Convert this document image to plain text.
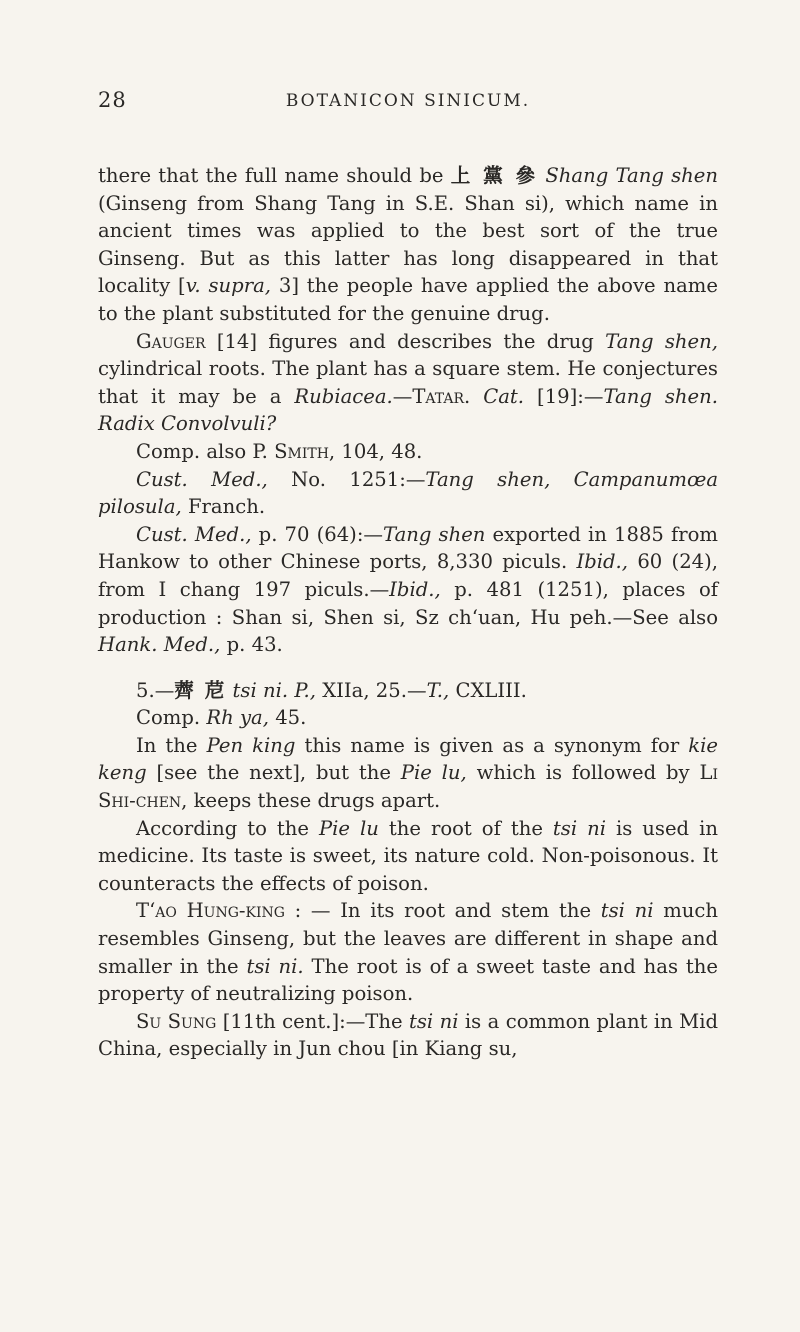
28	BOTANICON SINICUM.

there that the full name should be 上 黨 參 Shang Tang shen (Ginseng from Shang Tang in S.E. Shan si), which name in ancient times was applied to the best sort of the true Ginseng. But as this latter has long disappeared in that locality [v. supra, 3] the people have applied the above name to the plant substituted for the genuine drug.

Gauger [14] figures and describes the drug Tang shen, cylindrical roots. The plant has a square stem. He conjectures that it may be a Rubiacea.—Tatar. Cat. [19]:—Tang shen. Radix Convolvuli?

Comp. also P. Smith, 104, 48.

Cust. Med., No. 1251:—Tang shen, Campanumœa pilosula, Franch.

Cust. Med., p. 70 (64):—Tang shen exported in 1885 from Hankow to other Chinese ports, 8,330 piculs. Ibid., 60 (24), from I chang 197 piculs.—Ibid., p. 481 (1251), places of production : Shan si, Shen si, Sz ch‘uan, Hu peh.—See also Hank. Med., p. 43.

5.—薺 苨 tsi ni. P., XIIa, 25.—T., CXLIII.

Comp. Rh ya, 45.

In the Pen king this name is given as a synonym for kie keng [see the next], but the Pie lu, which is followed by Li Shi-chen, keeps these drugs apart.

According to the Pie lu the root of the tsi ni is used in medicine. Its taste is sweet, its nature cold. Non-poisonous. It counteracts the effects of poison.

T‘ao Hung-king : — In its root and stem the tsi ni much resembles Ginseng, but the leaves are different in shape and smaller in the tsi ni. The root is of a sweet taste and has the property of neutralizing poison.

Su Sung [11th cent.]:—The tsi ni is a common plant in Mid China, especially in Jun chou [in Kiang su,
